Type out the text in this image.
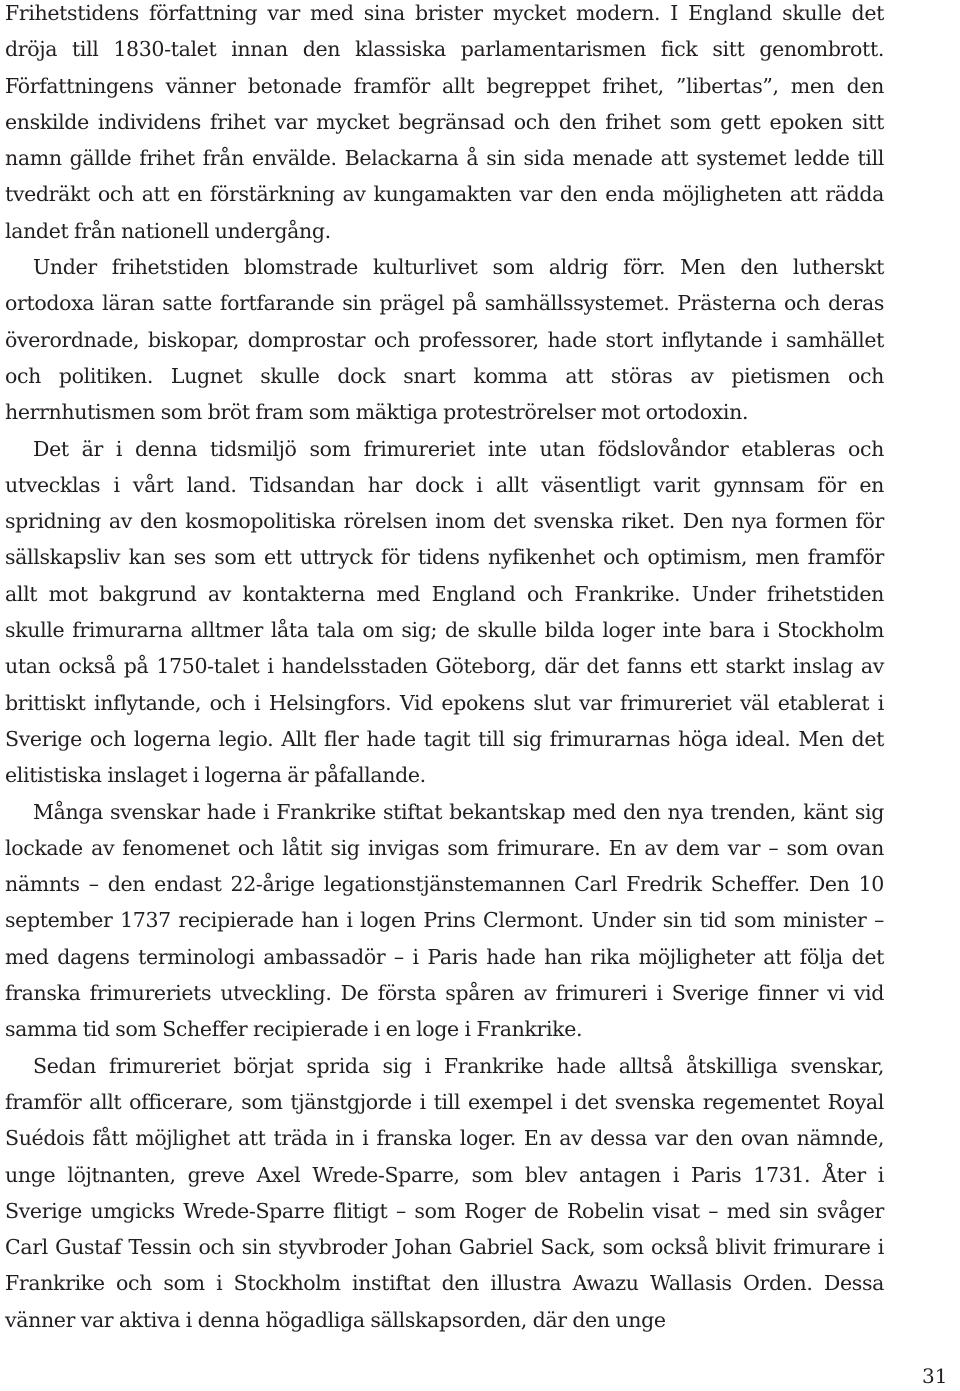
Frihetstidens författning var med sina brister mycket modern. I England skulle det dröja till 1830-talet innan den klassiska parlamentarismen fick sitt genombrott. Författningens vänner betonade framför allt begreppet frihet, ”libertas”, men den enskilde individens frihet var mycket begränsad och den frihet som gett epoken sitt namn gällde frihet från envälde. Belackarna å sin sida menade att systemet ledde till tvedräkt och att en förstärkning av kungamakten var den enda möjligheten att rädda landet från nationell undergång.

Under frihetstiden blomstrade kulturlivet som aldrig förr. Men den lutherskt ortodoxa läran satte fortfarande sin prägel på samhällssystemet. Prästerna och deras överordnade, biskopar, domprostar och professorer, hade stort inflytande i samhället och politiken. Lugnet skulle dock snart komma att störas av pietismen och herrnhutismen som bröt fram som mäktiga proteströrelser mot ortodoxin.

Det är i denna tidsmiljö som frimureriet inte utan födslovåndor etableras och utvecklas i vårt land. Tidsandan har dock i allt väsentligt varit gynnsam för en spridning av den kosmopolitiska rörelsen inom det svenska riket. Den nya formen för sällskapsliv kan ses som ett uttryck för tidens nyfikenhet och optimism, men framför allt mot bakgrund av kontakterna med England och Frankrike. Under frihetstiden skulle frimurarna alltmer låta tala om sig; de skulle bilda loger inte bara i Stockholm utan också på 1750-talet i handelsstaden Göteborg, där det fanns ett starkt inslag av brittiskt inflytande, och i Helsingfors. Vid epokens slut var frimureriet väl etablerat i Sverige och logerna legio. Allt fler hade tagit till sig frimurarnas höga ideal. Men det elitistiska inslaget i logerna är påfallande.

Många svenskar hade i Frankrike stiftat bekantskap med den nya trenden, känt sig lockade av fenomenet och låtit sig invigas som frimurare. En av dem var – som ovan nämnts – den endast 22-årige legationstjänstemannen Carl Fredrik Scheffer. Den 10 september 1737 recipierade han i logen Prins Clermont. Under sin tid som minister – med dagens terminologi ambassadör – i Paris hade han rika möjligheter att följa det franska frimureriets utveckling. De första spåren av frimureri i Sverige finner vi vid samma tid som Scheffer recipierade i en loge i Frankrike.

Sedan frimureriet börjat sprida sig i Frankrike hade alltså åtskilliga svenskar, framför allt officerare, som tjänstgjorde i till exempel i det svenska regementet Royal Suédois fått möjlighet att träda in i franska loger. En av dessa var den ovan nämnde, unge löjtnanten, greve Axel Wrede-Sparre, som blev antagen i Paris 1731. Åter i Sverige umgicks Wrede-Sparre flitigt – som Roger de Robelin visat – med sin svåger Carl Gustaf Tessin och sin styvbroder Johan Gabriel Sack, som också blivit frimurare i Frankrike och som i Stockholm instiftat den illustra Awazu Wallasis Orden. Dessa vänner var aktiva i denna högadliga sällskapsorden, där den unge

31
